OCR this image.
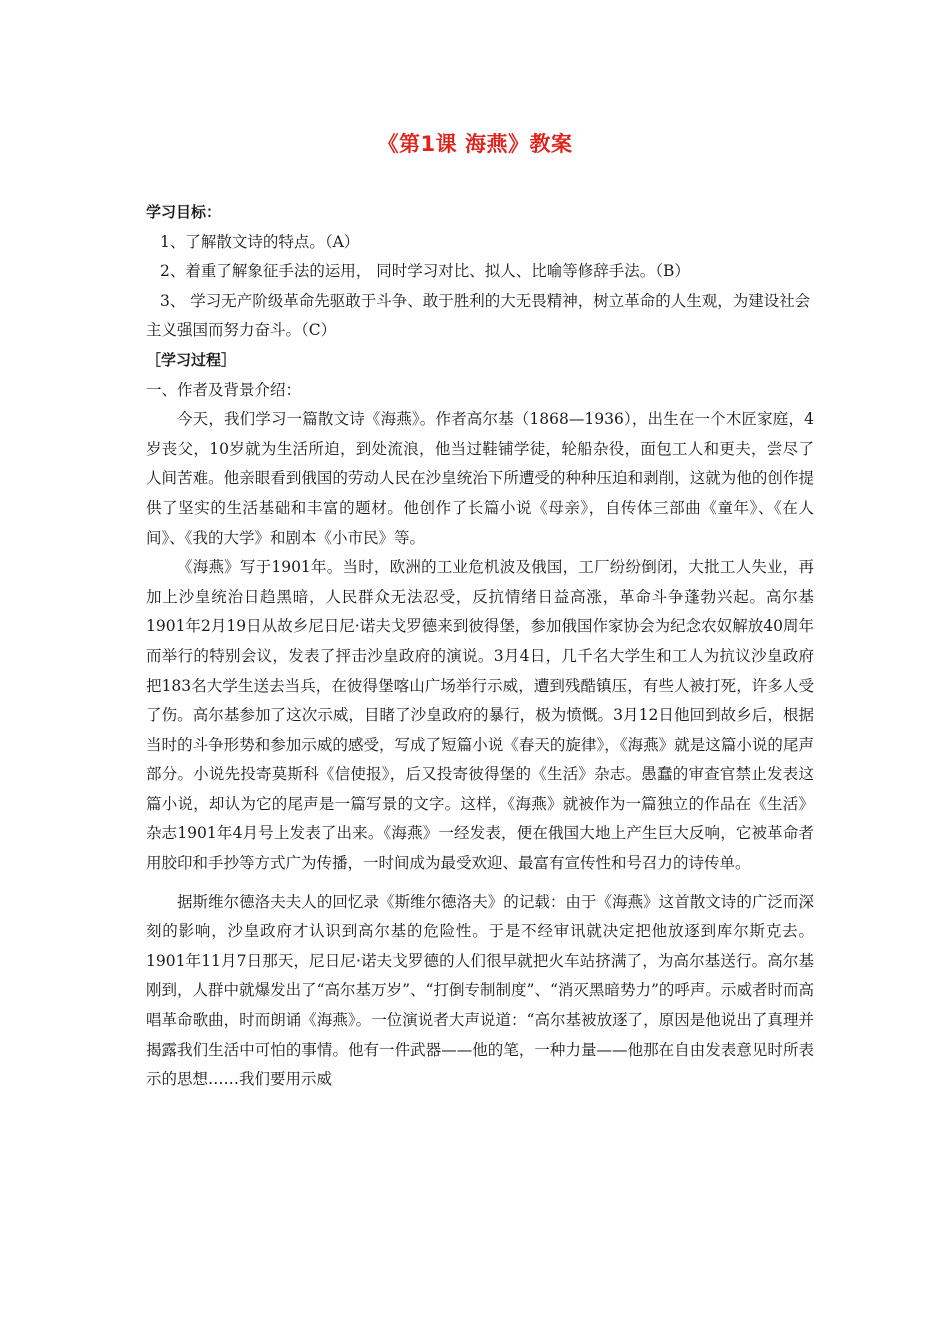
《第1课 海燕》教案

学习目标：

1、了解散文诗的特点。（A）

2、着重了解象征手法的运用， 同时学习对比、拟人、比喻等修辞手法。（B）

3、 学习无产阶级革命先驱敢于斗争、敢于胜利的大无畏精神，树立革命的人生观，为建设社会主义强国而努力奋斗。（C）

［学习过程］

一、作者及背景介绍：

今天，我们学习一篇散文诗《海燕》。作者高尔基（1868—1936），出生在一个木匠家庭，4岁丧父，10岁就为生活所迫，到处流浪，他当过鞋铺学徒，轮船杂役，面包工人和更夫，尝尽了人间苦难。他亲眼看到俄国的劳动人民在沙皇统治下所遭受的种种压迫和剥削，这就为他的创作提供了坚实的生活基础和丰富的题材。他创作了长篇小说《母亲》，自传体三部曲《童年》、《在人间》、《我的大学》和剧本《小市民》等。

《海燕》写于1901年。当时，欧洲的工业危机波及俄国，工厂纷纷倒闭，大批工人失业，再加上沙皇统治日趋黑暗，人民群众无法忍受，反抗情绪日益高涨，革命斗争蓬勃兴起。高尔基1901年2月19日从故乡尼日尼·诺夫戈罗德来到彼得堡，参加俄国作家协会为纪念农奴解放40周年而举行的特别会议，发表了抨击沙皇政府的演说。3月4日，几千名大学生和工人为抗议沙皇政府把183名大学生送去当兵，在彼得堡喀山广场举行示威，遭到残酷镇压，有些人被打死，许多人受了伤。高尔基参加了这次示威，目睹了沙皇政府的暴行，极为愤慨。3月12日他回到故乡后，根据当时的斗争形势和参加示威的感受，写成了短篇小说《春天的旋律》，《海燕》就是这篇小说的尾声部分。小说先投寄莫斯科《信使报》，后又投寄彼得堡的《生活》杂志。愚蠢的审查官禁止发表这篇小说，却认为它的尾声是一篇写景的文字。这样，《海燕》就被作为一篇独立的作品在《生活》杂志1901年4月号上发表了出来。《海燕》一经发表，便在俄国大地上产生巨大反响，它被革命者用胶印和手抄等方式广为传播，一时间成为最受欢迎、最富有宣传性和号召力的诗传单。

据斯维尔德洛夫夫人的回忆录《斯维尔德洛夫》的记载：由于《海燕》这首散文诗的广泛而深刻的影响，沙皇政府才认识到高尔基的危险性。于是不经审讯就决定把他放逐到库尔斯克去。1901年11月7日那天，尼日尼·诺夫戈罗德的人们很早就把火车站挤满了，为高尔基送行。高尔基刚到，人群中就爆发出了“高尔基万岁”、“打倒专制制度”、“消灭黑暗势力”的呼声。示威者时而高唱革命歌曲，时而朗诵《海燕》。一位演说者大声说道：“高尔基被放逐了，原因是他说出了真理并揭露我们生活中可怕的事情。他有一件武器——他的笔，一种力量——他那在自由发表意见时所表示的思想……我们要用示威
